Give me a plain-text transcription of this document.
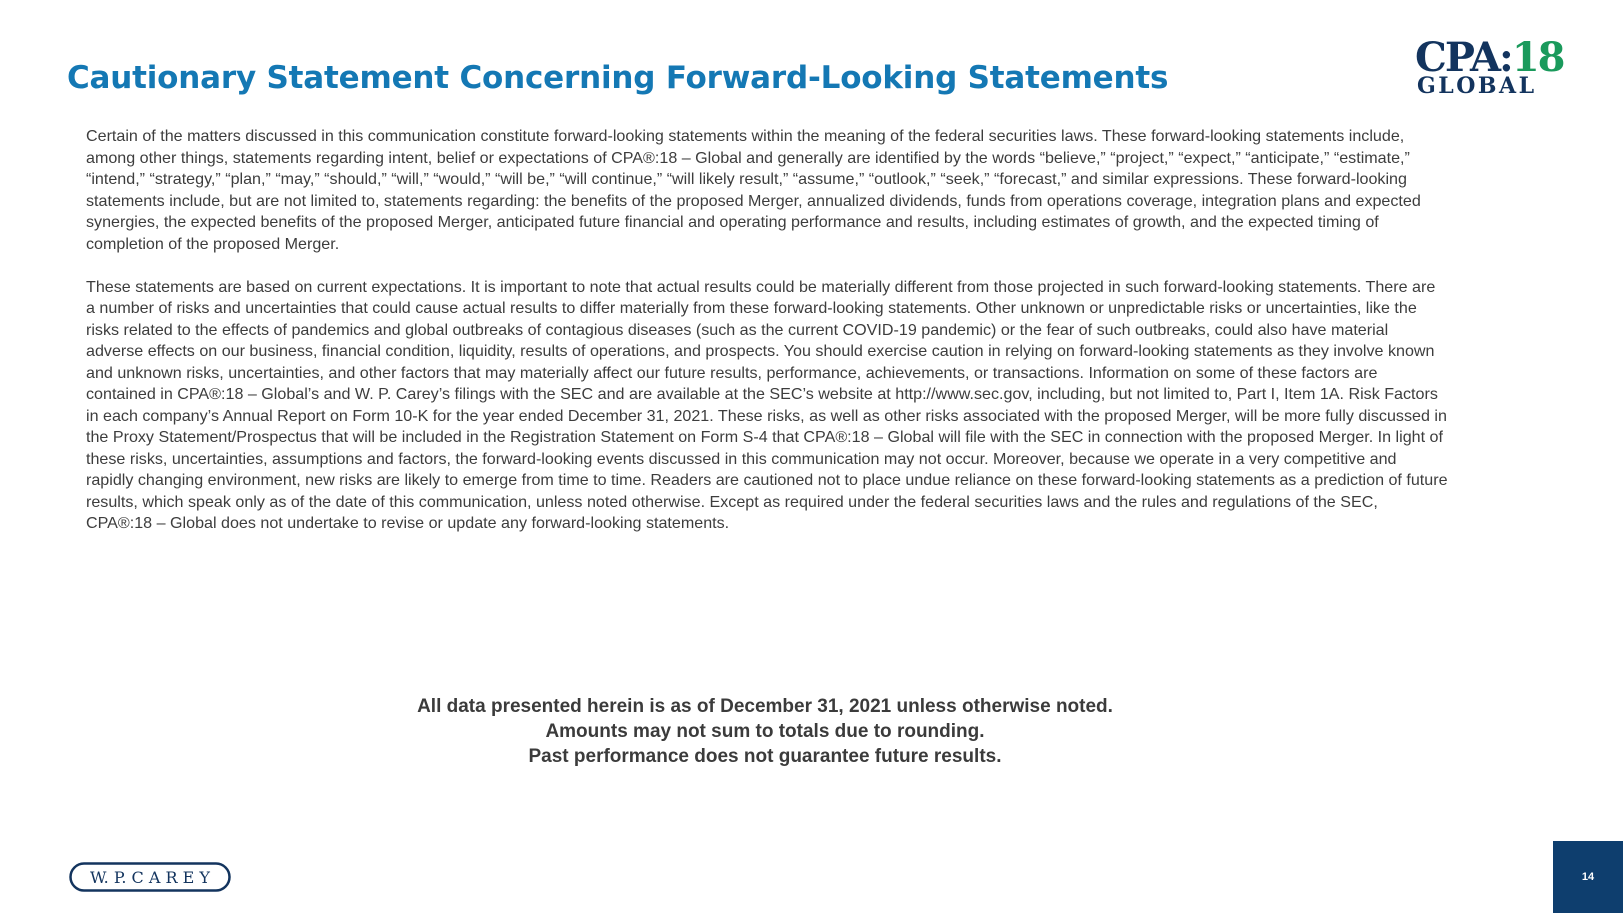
Cautionary Statement Concerning Forward-Looking Statements	CPA:18
GLOBAL

Certain of the matters discussed in this communication constitute forward-looking statements within the meaning of the federal securities laws. These forward-looking statements include, among other things, statements regarding intent, belief or expectations of CPA®:18 – Global and generally are identified by the words “believe,” “project,” “expect,” “anticipate,” “estimate,” “intend,” “strategy,” “plan,” “may,” “should,” “will,” “would,” “will be,” “will continue,” “will likely result,” “assume,” “outlook,” “seek,” “forecast,” and similar expressions. These forward-looking statements include, but are not limited to, statements regarding: the benefits of the proposed Merger, annualized dividends, funds from operations coverage, integration plans and expected synergies, the expected benefits of the proposed Merger, anticipated future financial and operating performance and results, including estimates of growth, and the expected timing of completion of the proposed Merger.

These statements are based on current expectations. It is important to note that actual results could be materially different from those projected in such forward-looking statements. There are a number of risks and uncertainties that could cause actual results to differ materially from these forward-looking statements. Other unknown or unpredictable risks or uncertainties, like the risks related to the effects of pandemics and global outbreaks of contagious diseases (such as the current COVID-19 pandemic) or the fear of such outbreaks, could also have material adverse effects on our business, financial condition, liquidity, results of operations, and prospects. You should exercise caution in relying on forward-looking statements as they involve known and unknown risks, uncertainties, and other factors that may materially affect our future results, performance, achievements, or transactions. Information on some of these factors are contained in CPA®:18 – Global’s and W. P. Carey’s filings with the SEC and are available at the SEC’s website at http://www.sec.gov, including, but not limited to, Part I, Item 1A. Risk Factors in each company’s Annual Report on Form 10-K for the year ended December 31, 2021. These risks, as well as other risks associated with the proposed Merger, will be more fully discussed in the Proxy Statement/Prospectus that will be included in the Registration Statement on Form S-4 that CPA®:18 – Global will file with the SEC in connection with the proposed Merger. In light of these risks, uncertainties, assumptions and factors, the forward-looking events discussed in this communication may not occur. Moreover, because we operate in a very competitive and rapidly changing environment, new risks are likely to emerge from time to time. Readers are cautioned not to place undue reliance on these forward-looking statements as a prediction of future results, which speak only as of the date of this communication, unless noted otherwise. Except as required under the federal securities laws and the rules and regulations of the SEC, CPA®:18 – Global does not undertake to revise or update any forward-looking statements.

All data presented herein is as of December 31, 2021 unless otherwise noted.
Amounts may not sum to totals due to rounding.
Past performance does not guarantee future results.
W. P. C A R E Y	14
